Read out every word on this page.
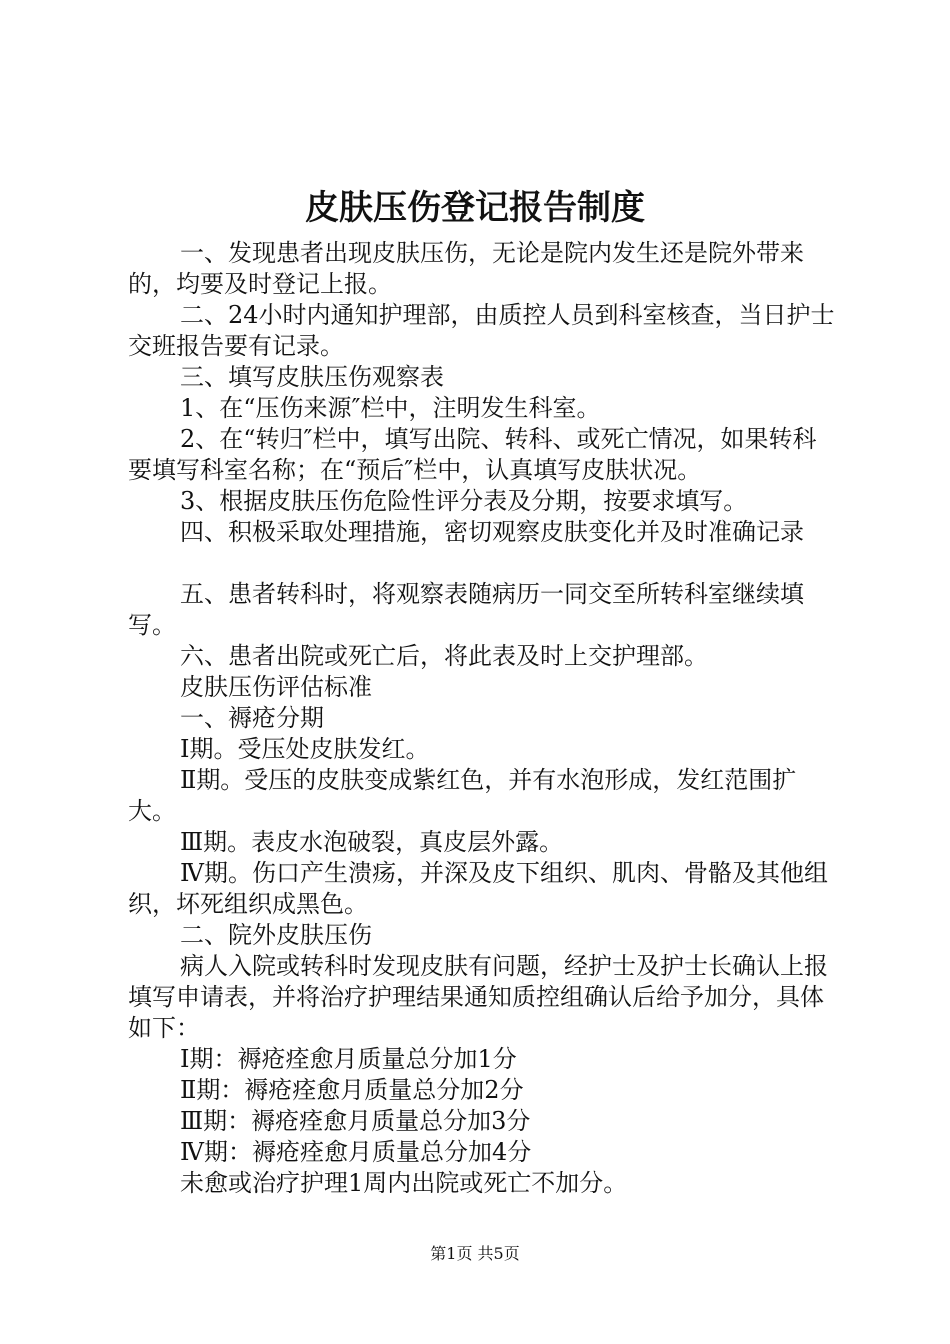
皮肤压伤登记报告制度

一、发现患者出现皮肤压伤，无论是院内发生还是院外带来的，均要及时登记上报。

二、24小时内通知护理部，由质控人员到科室核查，当日护士交班报告要有记录。

三、填写皮肤压伤观察表

1、在“压伤来源″栏中，注明发生科室。

2、在“转归″栏中，填写出院、转科、或死亡情况，如果转科要填写科室名称；在“预后″栏中，认真填写皮肤状况。

3、根据皮肤压伤危险性评分表及分期，按要求填写。

四、积极采取处理措施，密切观察皮肤变化并及时准确记录

五、患者转科时，将观察表随病历一同交至所转科室继续填写。

六、患者出院或死亡后，将此表及时上交护理部。

皮肤压伤评估标准

一、褥疮分期

Ⅰ期。受压处皮肤发红。

Ⅱ期。受压的皮肤变成紫红色，并有水泡形成，发红范围扩大。

Ⅲ期。表皮水泡破裂，真皮层外露。

Ⅳ期。伤口产生溃疡，并深及皮下组织、肌肉、骨骼及其他组织，坏死组织成黑色。

二、院外皮肤压伤

病人入院或转科时发现皮肤有问题，经护士及护士长确认上报填写申请表，并将治疗护理结果通知质控组确认后给予加分，具体如下：

Ⅰ期：褥疮痊愈月质量总分加1分

Ⅱ期：褥疮痊愈月质量总分加2分

Ⅲ期：褥疮痊愈月质量总分加3分

Ⅳ期：褥疮痊愈月质量总分加4分

未愈或治疗护理1周内出院或死亡不加分。

第1页 共5页
